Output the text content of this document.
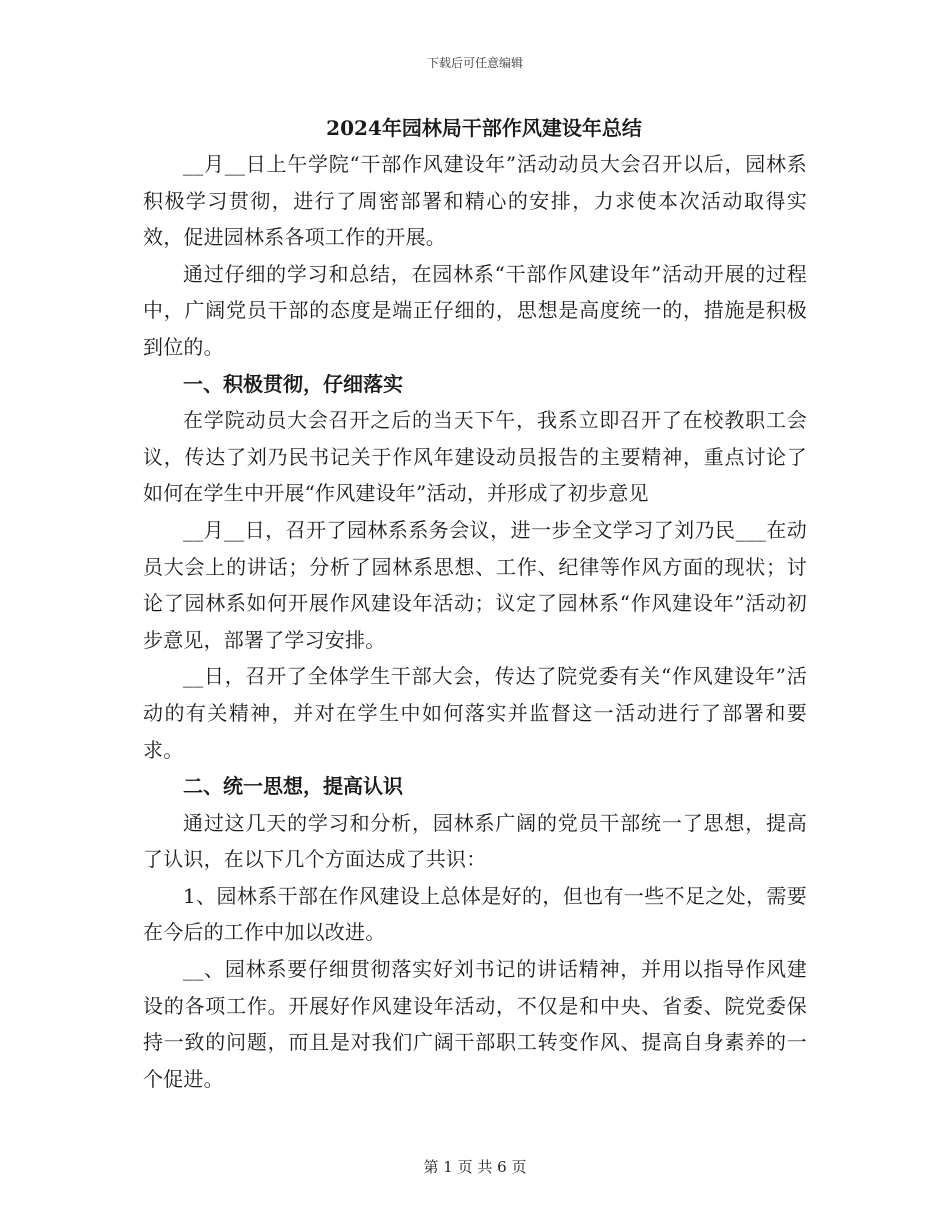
下载后可任意编辑
2024年园林局干部作风建设年总结

__月__日上午学院“干部作风建设年”活动动员大会召开以后，园林系积极学习贯彻，进行了周密部署和精心的安排，力求使本次活动取得实效，促进园林系各项工作的开展。

通过仔细的学习和总结，在园林系“干部作风建设年”活动开展的过程中，广阔党员干部的态度是端正仔细的，思想是高度统一的，措施是积极到位的。

一、积极贯彻，仔细落实

在学院动员大会召开之后的当天下午，我系立即召开了在校教职工会议，传达了刘乃民书记关于作风年建设动员报告的主要精神，重点讨论了如何在学生中开展“作风建设年”活动，并形成了初步意见

__月__日，召开了园林系系务会议，进一步全文学习了刘乃民___在动员大会上的讲话；分析了园林系思想、工作、纪律等作风方面的现状；讨论了园林系如何开展作风建设年活动；议定了园林系“作风建设年”活动初步意见，部署了学习安排。

__日，召开了全体学生干部大会，传达了院党委有关“作风建设年”活动的有关精神，并对在学生中如何落实并监督这一活动进行了部署和要求。

二、统一思想，提高认识

通过这几天的学习和分析，园林系广阔的党员干部统一了思想，提高了认识，在以下几个方面达成了共识：

1、园林系干部在作风建设上总体是好的，但也有一些不足之处，需要在今后的工作中加以改进。

__、园林系要仔细贯彻落实好刘书记的讲话精神，并用以指导作风建设的各项工作。开展好作风建设年活动，不仅是和中央、省委、院党委保持一致的问题，而且是对我们广阔干部职工转变作风、提高自身素养的一个促进。

第 1 页 共 6 页
